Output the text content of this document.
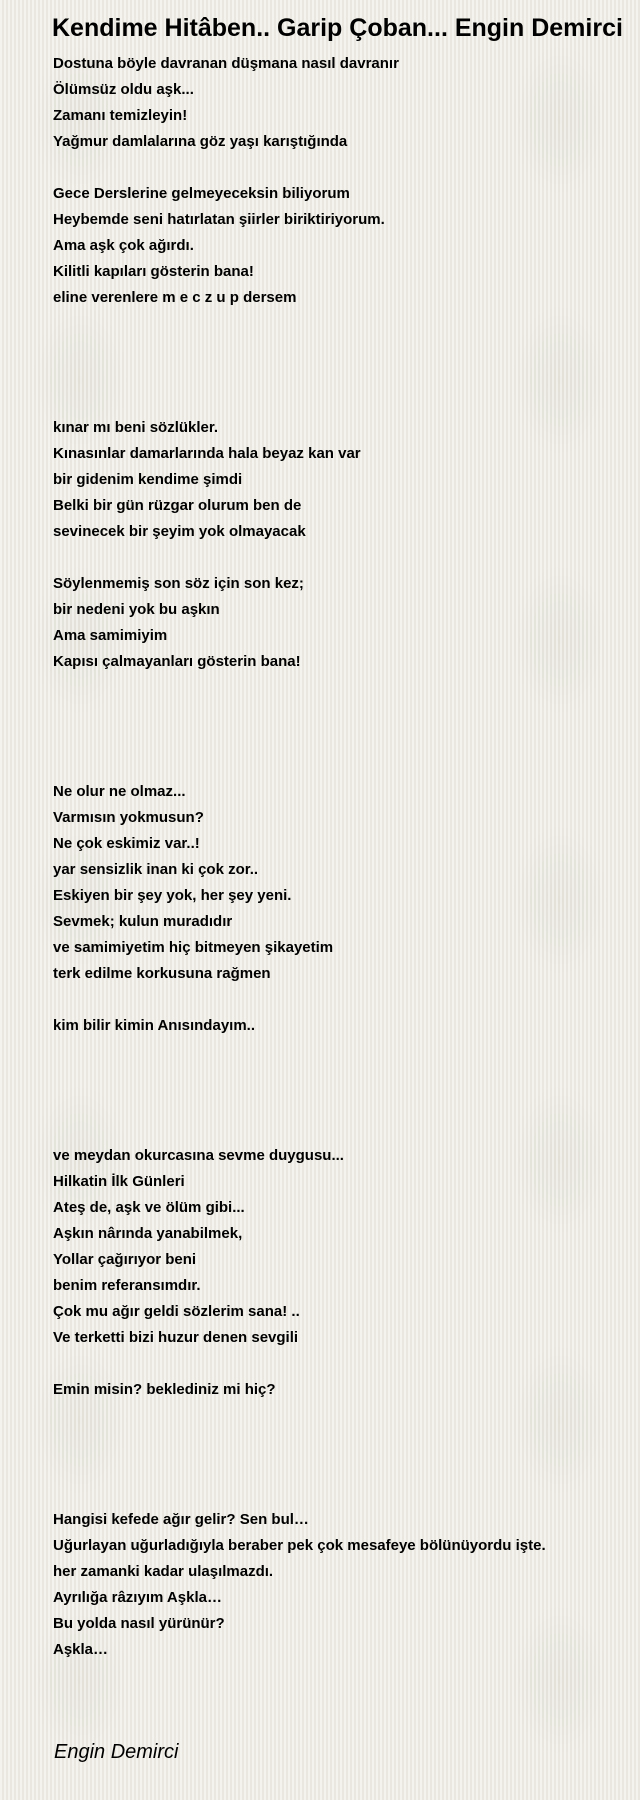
Kendime Hitâben.. Garip Çoban... Engin Demirci
Dostuna böyle davranan düşmana nasıl davranır
Ölümsüz oldu aşk...
Zamanı temizleyin!
Yağmur damlalarına göz yaşı karıştığında
Gece Derslerine gelmeyeceksin biliyorum
Heybemde seni hatırlatan şiirler biriktiriyorum.
Ama aşk çok ağırdı.
Kilitli kapıları gösterin bana!
eline verenlere m e c z u p dersem
kınar mı beni sözlükler.
Kınasınlar damarlarında hala beyaz kan var
bir gidenim kendime şimdi
Belki bir gün rüzgar olurum ben de
sevinecek bir şeyim yok olmayacak
Söylenmemiş son söz için son kez;
bir nedeni yok bu aşkın
Ama samimiyim
Kapısı çalmayanları gösterin bana!
Ne olur ne olmaz...
Varmısın yokmusun?
Ne çok eskimiz var..!
yar sensizlik inan ki çok zor..
Eskiyen bir şey yok, her şey yeni.
Sevmek; kulun muradıdır
ve samimiyetim hiç bitmeyen şikayetim
terk edilme korkusuna rağmen
kim bilir kimin Anısındayım..
ve meydan okurcasına sevme duygusu...
Hilkatin İlk Günleri
Ateş de, aşk ve ölüm gibi...
Aşkın nârında yanabilmek,
Yollar çağırıyor beni
benim referansımdır.
Çok mu ağır geldi sözlerim sana! ..
Ve terketti bizi huzur denen sevgili
Emin misin? beklediniz mi hiç?
Hangisi kefede ağır gelir? Sen bul…
Uğurlayan uğurladığıyla beraber pek çok mesafeye bölünüyordu işte.
her zamanki kadar ulaşılmazdı.
Ayrılığa râzıyım Aşkla…
Bu yolda nasıl yürünür?
Aşkla…
Engin Demirci
